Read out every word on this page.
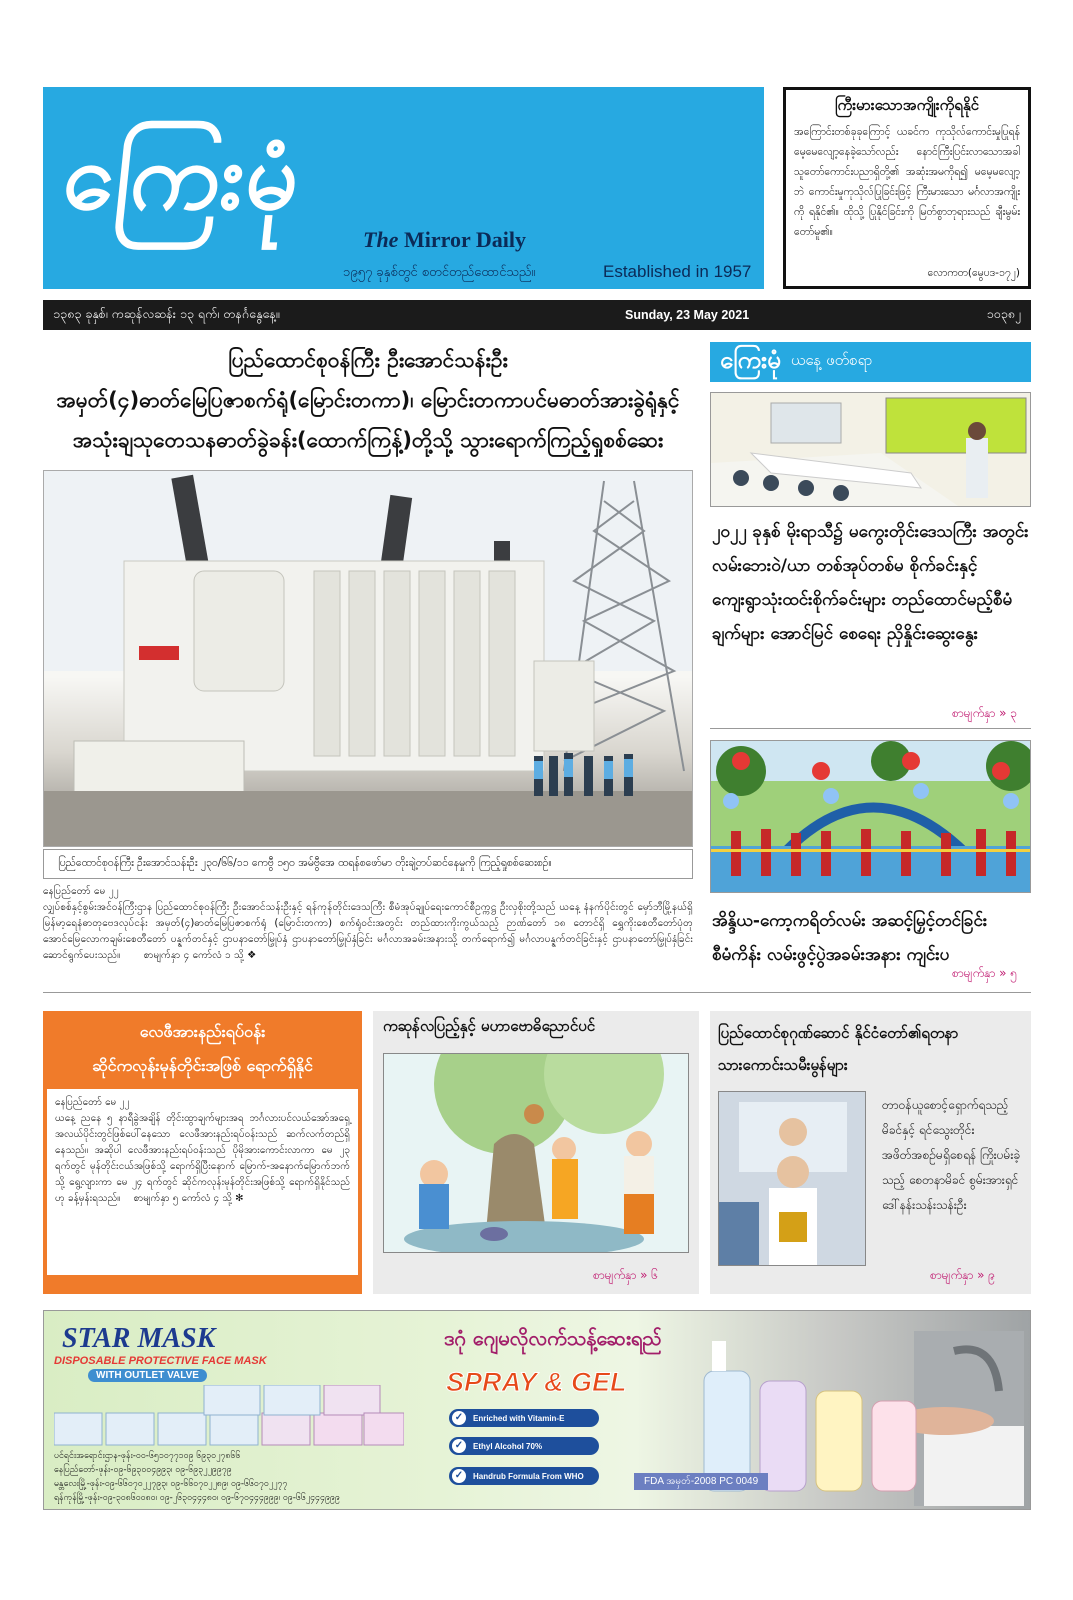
ကြေးမုံ
The Mirror Daily
၁၉၅၇ ခုနှစ်တွင် စတင်တည်ထောင်သည်။	Established in 1957
ကြီးမားသောအကျိုးကိုရနိုင်
အကြောင်းတစ်ခုခုကြောင့် ယခင်က ကုသိုလ်ကောင်းမှုပြုရန် မေ့မေလျော့နေခဲ့သော်လည်း နောင်ကြီးပြင်းလာသောအခါ သူတော်ကောင်းပညာရှိတို့၏ အဆုံးအမကိုရ၍ မမေ့မလျော့ဘဲ ကောင်းမှုကုသိုလ်ပြုခြင်းဖြင့် ကြီးမားသော မင်္ဂလာအကျိုးကို ရနိုင်၏။ ထိုသို့ ပြုနိုင်ခြင်းကို မြတ်စွာဘုရားသည် ချီးမွမ်းတော်မူ၏။
လောကတ(မွေပဒ-၁၇၂)
၁၃၈၃ ခုနှစ်၊ ကဆုန်လဆန်း ၁၃ ရက်၊ တနင်္ဂနွေနေ့။	Sunday, 23 May 2021	၁၀၃၈၂
ပြည်ထောင်စုဝန်ကြီး ဦးအောင်သန်းဦး
အမှတ်(၄)ဓာတ်မြေပြဇာစက်ရုံ(မြောင်းတကာ)၊ မြောင်းတကာပင်မဓာတ်အားခွဲရုံနှင့်
အသုံးချသုတေသနဓာတ်ခွဲခန်း(ထောက်ကြန့်)တို့သို့ သွားရောက်ကြည့်ရှုစစ်ဆေး
ပြည်ထောင်စုဝန်ကြီး ဦးအောင်သန်းဦး ၂၃၀/၆၆/၁၁ ကေဗွီ ၁၅၀ အမ်ဗွီအေ ထရန်စဖော်မာ တိုးချဲ့တပ်ဆင်နေမှုကို ကြည့်ရှုစစ်ဆေးစဉ်။
နေပြည်တော် မေ ၂၂
လျှပ်စစ်နှင့်စွမ်းအင်ဝန်ကြီးဌာန ပြည်ထောင်စုဝန်ကြီး ဦးအောင်သန်းဦးနှင့် ရန်ကုန်တိုင်းဒေသကြီး စီမံအုပ်ချုပ်ရေးကောင်စီဥက္ကဋ္ဌ ဦးလှစိုးတို့သည် ယနေ့ နံနက်ပိုင်းတွင် မှော်ဘီမြို့နယ်ရှိ မြန်မာ့ရေနံဓာတုဗေဒလုပ်ငန်း အမှတ်(၄)ဓာတ်မြေပြဇာစက်ရုံ (မြောင်းတကာ) စက်ရုံဝင်းအတွင်း တည်ထားကိုးကွယ်သည့် ဉာဏ်တော် ၁၈ တောင်ရှိ ရွှေကိုးစေတီတော်ပုံတု အောင်မြေလောကချမ်းစေတီတော် ပန္နက်တင်နှင့် ဌာပနာတော်မြှုပ်နှံ ဌာပနာတော်မြှုပ်နှံခြင်း မင်္ဂလာအခမ်းအနားသို့ တက်ရောက်၍ မင်္ဂလာပန္နက်တင်ခြင်းနှင့် ဌာပနာတော်မြှုပ်နှံခြင်း ဆောင်ရွက်ပေးသည်။ စာမျက်နှာ ၄ ကော်လံ ၁ သို့ ❖
ကြေးမုံ ယနေ့ ဖတ်စရာ
၂၀၂၂ ခုနှစ် မိုးရာသီ၌ မကွေးတိုင်းဒေသကြီး အတွင်း လမ်းဘေးဝဲ/ယာ တစ်အုပ်တစ်မ စိုက်ခင်းနှင့် ကျေးရွာသုံးထင်းစိုက်ခင်းများ တည်ထောင်မည့်စီမံချက်များ အောင်မြင် စေရေး ညှိနှိုင်းဆွေးနွေး
စာမျက်နှာ » ၃
အိန္ဒိယ-ကော့ကရိတ်လမ်း အဆင့်မြှင့်တင်ခြင်း စီမံကိန်း လမ်းဖွင့်ပွဲအခမ်းအနား ကျင်းပ
စာမျက်နှာ » ၅
လေဖီအားနည်းရပ်ဝန်း
ဆိုင်ကလုန်းမုန်တိုင်းအဖြစ် ရောက်ရှိနိုင်
နေပြည်တော် မေ ၂၂
ယနေ့ ညနေ ၅ နာရီခွဲအချိန် တိုင်းထွာချက်များအရ ဘင်္ဂလားပင်လယ်အော်အရှေ့အလယ်ပိုင်းတွင်ဖြစ်ပေါ်နေသော လေဖီအားနည်းရပ်ဝန်းသည် ဆက်လက်တည်ရှိနေသည်။ အဆိုပါ လေဖီအားနည်းရပ်ဝန်းသည် ပိုမိုအားကောင်းလာကာ မေ ၂၃ ရက်တွင် မုန်တိုင်းငယ်အဖြစ်သို့ ရောက်ရှိပြီးနောက် မြောက်-အနောက်မြောက်ဘက်သို့ ရွေ့လျားကာ မေ ၂၄ ရက်တွင် ဆိုင်ကလုန်းမုန်တိုင်းအဖြစ်သို့ ရောက်ရှိနိုင်သည်ဟု ခန့်မှန်းရသည်။ စာမျက်နှာ ၅ ကော်လံ ၄ သို့ ✻
ကဆုန်လပြည့်နှင့် မဟာဗောဓိညောင်ပင်
စာမျက်နှာ » ၆
ပြည်ထောင်စုဂုဏ်ဆောင် နိုင်ငံတော်၏ရတနာ
သားကောင်းသမီးမွန်များ
တာဝန်ယူစောင့်ရှောက်ရသည့် မိခင်နှင့် ရင်သွေးတိုင်း အဖိတ်အစဉ်မရှိစေရန် ကြိုးပမ်းခဲ့သည့် စေတနာမိခင် စွမ်းအားရှင် ဒေါ်နန်းသန်းသန်းဦး
စာမျက်နှာ » ၉
STAR MASK
DISPOSABLE PROTECTIVE FACE MASK
WITH OUTLET VALVE
ပင်ရင်းအရောင်းဌာန-ဖုန်း-၀၀-၆၅၁၀၇၇၁၀၉ ၆၉၃၀၂၇၈၆၆
နေပြည်တော်-ဖုန်း-၀၉-၆၉၃၀၀၄၉၉၃၊ ၀၉-၆၉၃၂၂၉၉၇၉
မန္တလေးမြို့-ဖုန်း-၀၉-၆၆၀၇၀၂၂၇၉၃၊ ၀၉-၆၆၀၇၀၂၂၈၉၊ ၀၉-၆၆၀၇၀၂၂၇၇
ရန်ကုန်မြို့-ဖုန်း-၀၉-၃၀၈၆၀၀၈၀၊ ၀၉-၂၆၃၀၄၄၄၈၀၊ ၀၉-၆၇၀၄၄၄၉၉၉၊ ၀၉-၆၆၂၄၄၄၉၉၉
ဒဂုံ ဂျေမလိုလက်သန့်ဆေးရည်
SPRAY & GEL
✓	Enriched with Vitamin-E
✓	Ethyl Alcohol 70%
✓	Handrub Formula From WHO	FDA အမှတ်-2008 PC 0049
